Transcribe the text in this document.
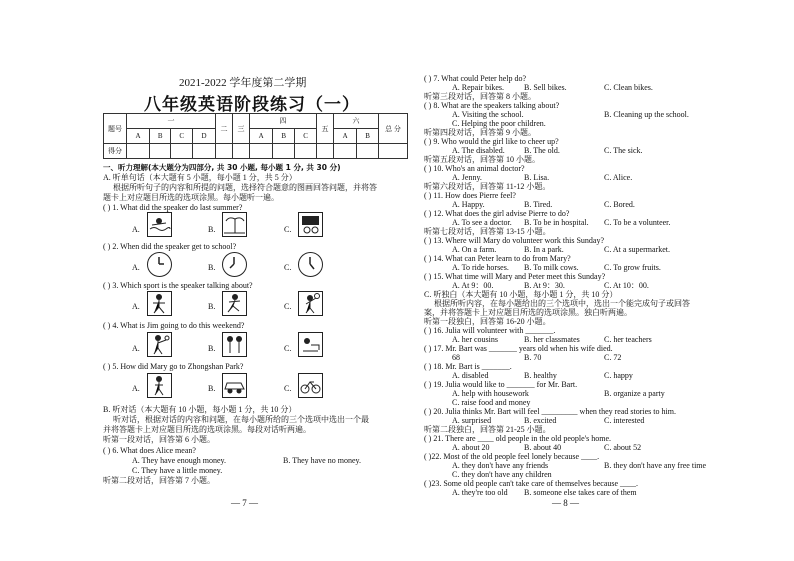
2021-2022 学年度第二学期
八年级英语阶段练习（一）
题号	一				二	三	四			五	六		总 分
	A	B	C	D			A	B	C		A	B	
得分													
一、听力理解(本大题分为四部分, 共 30 小题, 每小题 1 分, 共 30 分)
A. 听单句话（本大题有 5 小题，每小题 1 分，共 5 分）
根据所听句子的内容和所提的问题，选择符合题意的图画回答问题，并将答
题卡上对应题目所选的选项涂黑。每小题听一遍。
( ) 1. What did the speaker do last summer?
A.	B.	C.
( ) 2. When did the speaker get to school?
A.	B.	C.
( ) 3. Which sport is the speaker talking about?
A.	B.	C.
( ) 4. What is Jim going to do this weekend?
A.	B.	C.
( ) 5. How did Mary go to Zhongshan Park?
A.	B.	C.
B. 听对话（本大题有 10 小题，每小题 1 分，共 10 分）
听对话，根据对话的内容和问题，在每小题所给的三个选项中选出一个最
并将答题卡上对应题目所选的选项涂黑。每段对话听两遍。
听第一段对话，回答第 6 小题。
( ) 6. What does Alice mean?
A. They have enough money.	B. They have no money.
C. They have a little money.
听第二段对话，回答第 7 小题。
— 7 —
( ) 7. What could Peter help do?
A. Repair bikes.	B. Sell bikes.	C. Clean bikes.
听第三段对话，回答第 8 小题。
( ) 8. What are the speakers talking about?
A. Visiting the school.	B. Cleaning up the school.
C. Helping the poor children.
听第四段对话，回答第 9 小题。
( ) 9. Who would the girl like to cheer up?
A. The disabled. B. The old.	C. The sick.
听第五段对话，回答第 10 小题。
( ) 10. Who's an animal doctor?
A. Jenny.	B. Lisa.	C. Alice.
听第六段对话，回答第 11-12 小题。
( ) 11. How does Pierre feel?
A. Happy.	B. Tired.	C. Bored.
( ) 12. What does the girl advise Pierre to do?
A. To see a doctor. B. To be in hospital. C. To be a volunteer.
听第七段对话，回答第 13-15 小题。
( ) 13. Where will Mary do volunteer work this Sunday?
A. On a farm.	B. In a park.	C. At a supermarket.
( ) 14. What can Peter learn to do from Mary?
A. To ride horses. B. To milk cows.	C. To grow fruits.
( ) 15. What time will Mary and Peter meet this Sunday?
A. At 9：00.	B. At 9：30.	C. At 10：00.
C. 听独白（本大题有 10 小题，每小题 1 分，共 10 分）
根据所听内容，在每小题给出的三个选项中，选出一个能完成句子或回答
案，并将答题卡上对应题目所选的选项涂黑。独白听两遍。
听第一段独白，回答第 16-20 小题。
( ) 16. Julia will volunteer with _______.
A. her cousins	B. her classmates	C. her teachers
( ) 17. Mr. Bart was _______ years old when his wife died.
68	B. 70	C. 72
( ) 18. Mr. Bart is _______.
A. disabled	B. healthy	C. happy
( ) 19. Julia would like to _______ for Mr. Bart.
A. help with housework	B. organize a party
C. raise food and money
( ) 20. Julia thinks Mr. Bart will feel _________ when they read stories to him.
A. surprised	B. excited	C. interested
听第二段独白，回答第 21-25 小题。
( ) 21. There are ____ old people in the old people's home.
A. about 20	B. about 40	C. about 52
( )22. Most of the old people feel lonely because ____.
A. they don't have any friends	B. they don't have any free time
C. they don't have any children
( )23. Some old people can't take care of themselves because ____.
A. they're too old B. someone else takes care of them
— 8 —
